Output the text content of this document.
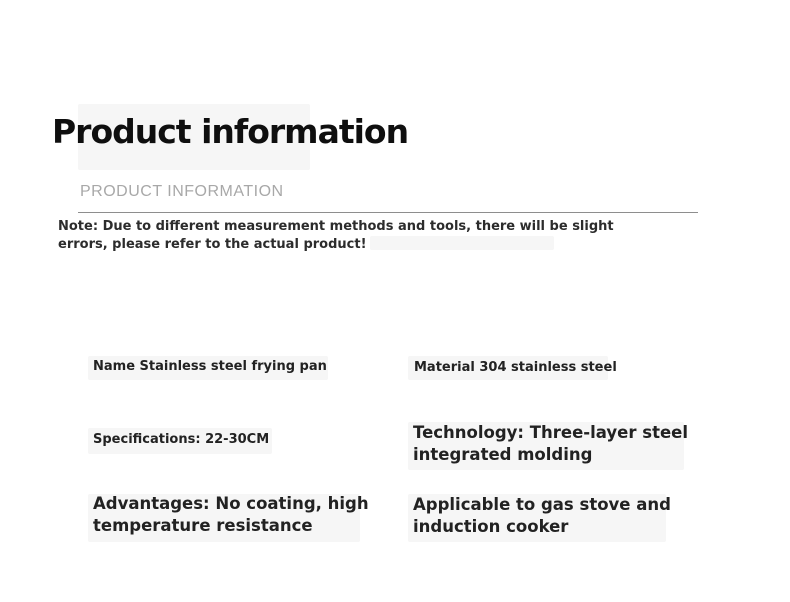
Product information
PRODUCT INFORMATION
Note: Due to different measurement methods and tools, there will be slight
errors, please refer to the actual product!
Name Stainless steel frying pan	Material 304 stainless steel
Specifications: 22-30CM	Technology: Three-layer steel
integrated molding
Advantages: No coating, high
temperature resistance
Applicable to gas stove and
induction cooker
